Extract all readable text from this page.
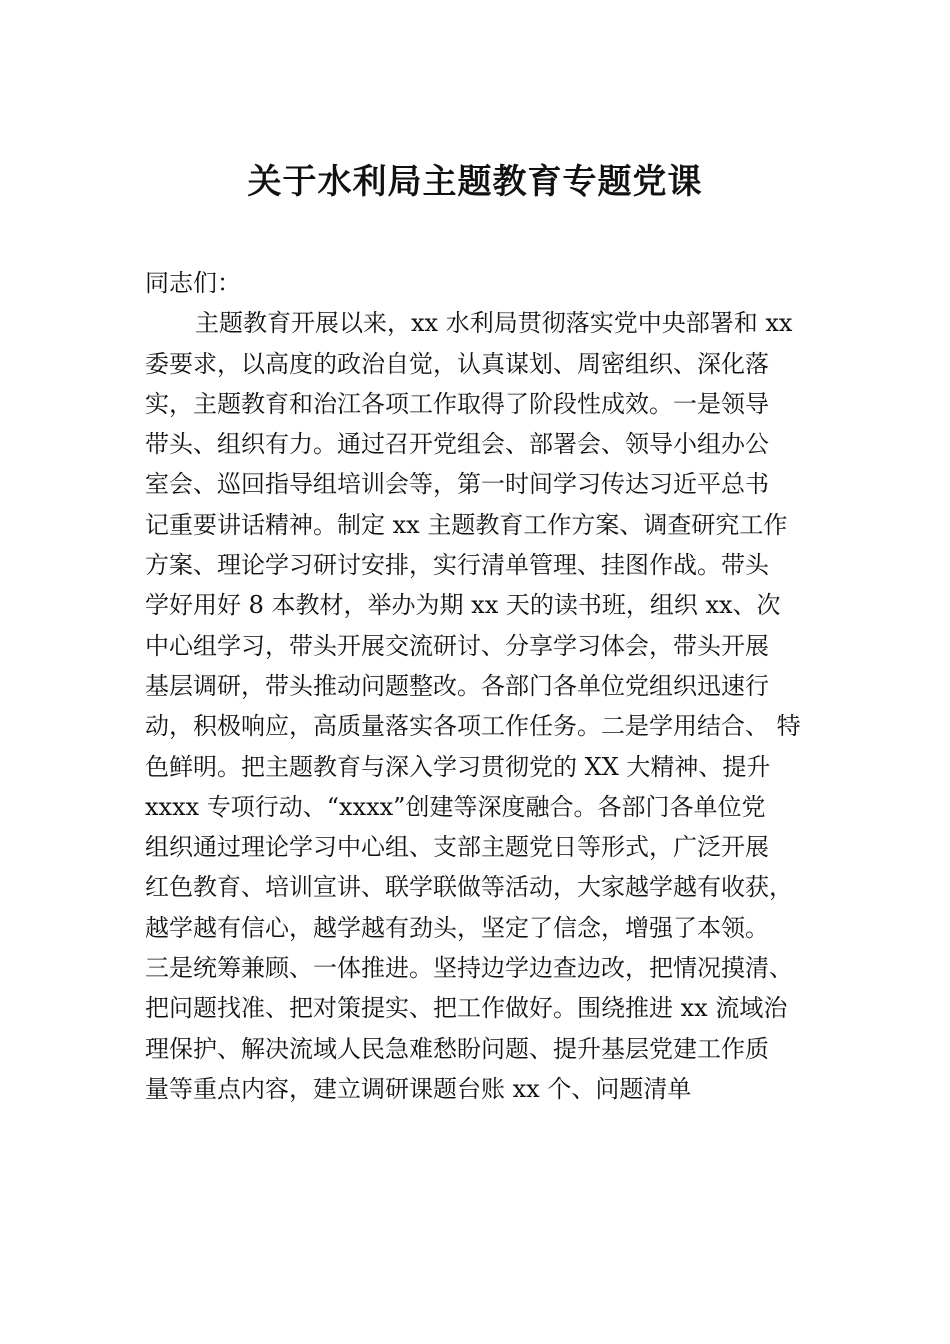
关于水利局主题教育专题党课
同志们：
主题教育开展以来，xx 水利局贯彻落实党中央部署和 xx
委要求，以高度的政治自觉，认真谋划、周密组织、深化落
实，主题教育和治江各项工作取得了阶段性成效。一是领导
带头、组织有力。通过召开党组会、部署会、领导小组办公
室会、巡回指导组培训会等，第一时间学习传达习近平总书
记重要讲话精神。制定 xx 主题教育工作方案、调查研究工作
方案、理论学习研讨安排，实行清单管理、挂图作战。带头
学好用好 8 本教材，举办为期 xx 天的读书班，组织 xx、次
中心组学习，带头开展交流研讨、分享学习体会，带头开展
基层调研，带头推动问题整改。各部门各单位党组织迅速行
动，积极响应，高质量落实各项工作任务。二是学用结合、 特
色鲜明。把主题教育与深入学习贯彻党的 XX 大精神、提升
xxxx 专项行动、“xxxx”创建等深度融合。各部门各单位党
组织通过理论学习中心组、支部主题党日等形式，广泛开展
红色教育、培训宣讲、联学联做等活动，大家越学越有收获，
越学越有信心，越学越有劲头，坚定了信念，增强了本领。
三是统筹兼顾、一体推进。坚持边学边查边改，把情况摸清、
把问题找准、把对策提实、把工作做好。围绕推进 xx 流域治
理保护、解决流域人民急难愁盼问题、提升基层党建工作质
量等重点内容，建立调研课题台账 xx 个、问题清单
